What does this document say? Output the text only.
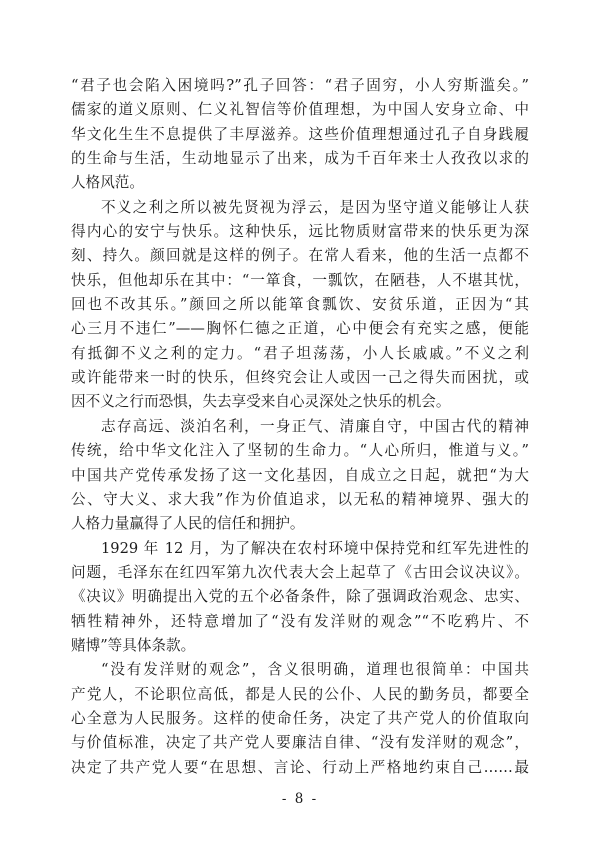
“君子也会陷入困境吗?”孔子回答：“君子固穷，小人穷斯滥矣。”
儒家的道义原则、仁义礼智信等价值理想，为中国人安身立命、中
华文化生生不息提供了丰厚滋养。这些价值理想通过孔子自身践履
的生命与生活，生动地显示了出来，成为千百年来士人孜孜以求的
人格风范。
不义之利之所以被先贤视为浮云，是因为坚守道义能够让人获
得内心的安宁与快乐。这种快乐，远比物质财富带来的快乐更为深
刻、持久。颜回就是这样的例子。在常人看来，他的生活一点都不
快乐，但他却乐在其中：“一箪食，一瓢饮，在陋巷，人不堪其忧，
回也不改其乐。”颜回之所以能箪食瓢饮、安贫乐道，正因为“其
心三月不违仁”——胸怀仁德之正道，心中便会有充实之感，便能
有抵御不义之利的定力。“君子坦荡荡，小人长戚戚。”不义之利
或许能带来一时的快乐，但终究会让人或因一己之得失而困扰，或
因不义之行而恐惧，失去享受来自心灵深处之快乐的机会。
志存高远、淡泊名利，一身正气、清廉自守，中国古代的精神
传统，给中华文化注入了坚韧的生命力。“人心所归，惟道与义。”
中国共产党传承发扬了这一文化基因，自成立之日起，就把“为大
公、守大义、求大我”作为价值追求，以无私的精神境界、强大的
人格力量赢得了人民的信任和拥护。
1929 年 12 月，为了解决在农村环境中保持党和红军先进性的
问题，毛泽东在红四军第九次代表大会上起草了《古田会议决议》。
《决议》明确提出入党的五个必备条件，除了强调政治观念、忠实、
牺牲精神外，还特意增加了“没有发洋财的观念”“不吃鸦片、不
赌博”等具体条款。
“没有发洋财的观念”，含义很明确，道理也很简单：中国共
产党人，不论职位高低，都是人民的公仆、人民的勤务员，都要全
心全意为人民服务。这样的使命任务，决定了共产党人的价值取向
与价值标准，决定了共产党人要廉洁自律、“没有发洋财的观念”，
决定了共产党人要“在思想、言论、行动上严格地约束自己……最
- 8 -
